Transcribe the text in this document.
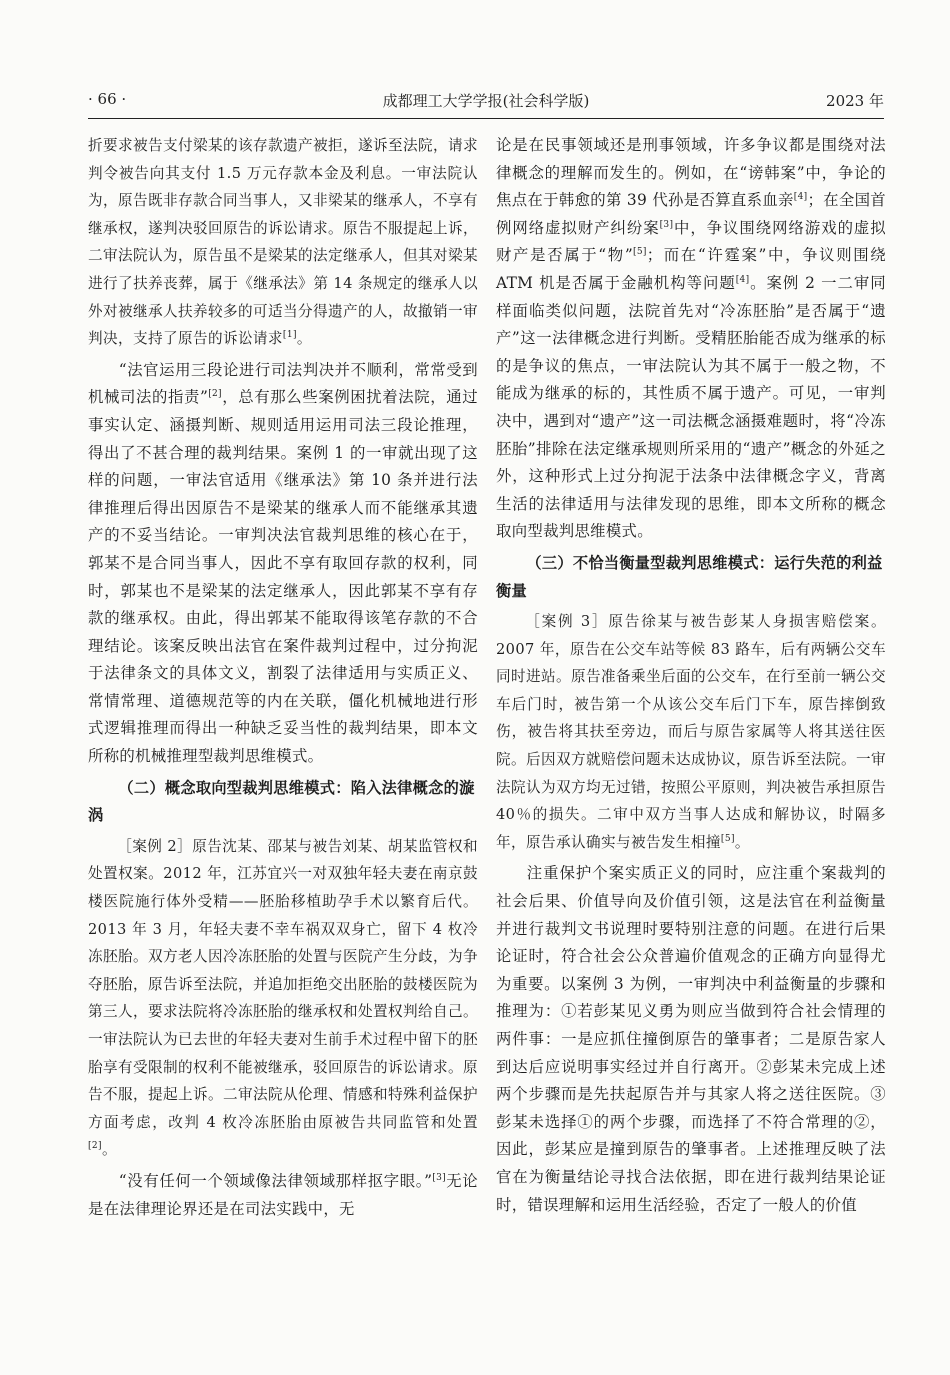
· 66 ·	成都理工大学学报(社会科学版)	2023 年

折要求被告支付梁某的该存款遗产被拒，遂诉至法院，请求判令被告向其支付 1.5 万元存款本金及利息。一审法院认为，原告既非存款合同当事人，又非梁某的继承人，不享有继承权，遂判决驳回原告的诉讼请求。原告不服提起上诉，二审法院认为，原告虽不是梁某的法定继承人，但其对梁某进行了扶养丧葬，属于《继承法》第 14 条规定的继承人以外对被继承人扶养较多的可适当分得遗产的人，故撤销一审判决，支持了原告的诉讼请求[1]。

“法官运用三段论进行司法判决并不顺利，常常受到机械司法的指责”[2]，总有那么些案例困扰着法院，通过事实认定、涵摄判断、规则适用运用司法三段论推理，得出了不甚合理的裁判结果。案例 1 的一审就出现了这样的问题，一审法官适用《继承法》第 10 条并进行法律推理后得出因原告不是梁某的继承人而不能继承其遗产的不妥当结论。一审判决法官裁判思维的核心在于，郭某不是合同当事人，因此不享有取回存款的权利，同时，郭某也不是梁某的法定继承人，因此郭某不享有存款的继承权。由此，得出郭某不能取得该笔存款的不合理结论。该案反映出法官在案件裁判过程中，过分拘泥于法律条文的具体文义，割裂了法律适用与实质正义、常情常理、道德规范等的内在关联，僵化机械地进行形式逻辑推理而得出一种缺乏妥当性的裁判结果，即本文所称的机械推理型裁判思维模式。

（二）概念取向型裁判思维模式：陷入法律概念的漩涡

［案例 2］原告沈某、邵某与被告刘某、胡某监管权和处置权案。2012 年，江苏宜兴一对双独年轻夫妻在南京鼓楼医院施行体外受精——胚胎移植助孕手术以繁育后代。2013 年 3 月，年轻夫妻不幸车祸双双身亡，留下 4 枚冷冻胚胎。双方老人因冷冻胚胎的处置与医院产生分歧，为争夺胚胎，原告诉至法院，并追加拒绝交出胚胎的鼓楼医院为第三人，要求法院将冷冻胚胎的继承权和处置权判给自己。一审法院认为已去世的年轻夫妻对生前手术过程中留下的胚胎享有受限制的权利不能被继承，驳回原告的诉讼请求。原告不服，提起上诉。二审法院从伦理、情感和特殊利益保护方面考虑，改判 4 枚冷冻胚胎由原被告共同监管和处置[2]。

“没有任何一个领域像法律领域那样抠字眼。”[3]无论是在法律理论界还是在司法实践中，无

论是在民事领域还是刑事领域，许多争议都是围绕对法律概念的理解而发生的。例如，在“谤韩案”中，争论的焦点在于韩愈的第 39 代孙是否算直系血亲[4]；在全国首例网络虚拟财产纠纷案[3]中，争议围绕网络游戏的虚拟财产是否属于“物”[5]；而在“许霆案”中，争议则围绕 ATM 机是否属于金融机构等问题[4]。案例 2 一二审同样面临类似问题，法院首先对“冷冻胚胎”是否属于“遗产”这一法律概念进行判断。受精胚胎能否成为继承的标的是争议的焦点，一审法院认为其不属于一般之物，不能成为继承的标的，其性质不属于遗产。可见，一审判决中，遇到对“遗产”这一司法概念涵摄难题时，将“冷冻胚胎”排除在法定继承规则所采用的“遗产”概念的外延之外，这种形式上过分拘泥于法条中法律概念字义，背离生活的法律适用与法律发现的思维，即本文所称的概念取向型裁判思维模式。

（三）不恰当衡量型裁判思维模式：运行失范的利益衡量

［案例 3］原告徐某与被告彭某人身损害赔偿案。2007 年，原告在公交车站等候 83 路车，后有两辆公交车同时进站。原告准备乘坐后面的公交车，在行至前一辆公交车后门时，被告第一个从该公交车后门下车，原告摔倒致伤，被告将其扶至旁边，而后与原告家属等人将其送往医院。后因双方就赔偿问题未达成协议，原告诉至法院。一审法院认为双方均无过错，按照公平原则，判决被告承担原告 40％的损失。二审中双方当事人达成和解协议，时隔多年，原告承认确实与被告发生相撞[5]。

注重保护个案实质正义的同时，应注重个案裁判的社会后果、价值导向及价值引领，这是法官在利益衡量并进行裁判文书说理时要特别注意的问题。在进行后果论证时，符合社会公众普遍价值观念的正确方向显得尤为重要。以案例 3 为例，一审判决中利益衡量的步骤和推理为：①若彭某见义勇为则应当做到符合社会情理的两件事：一是应抓住撞倒原告的肇事者；二是原告家人到达后应说明事实经过并自行离开。②彭某未完成上述两个步骤而是先扶起原告并与其家人将之送往医院。③彭某未选择①的两个步骤，而选择了不符合常理的②，因此，彭某应是撞到原告的肇事者。上述推理反映了法官在为衡量结论寻找合法依据，即在进行裁判结果论证时，错误理解和运用生活经验，否定了一般人的价值
